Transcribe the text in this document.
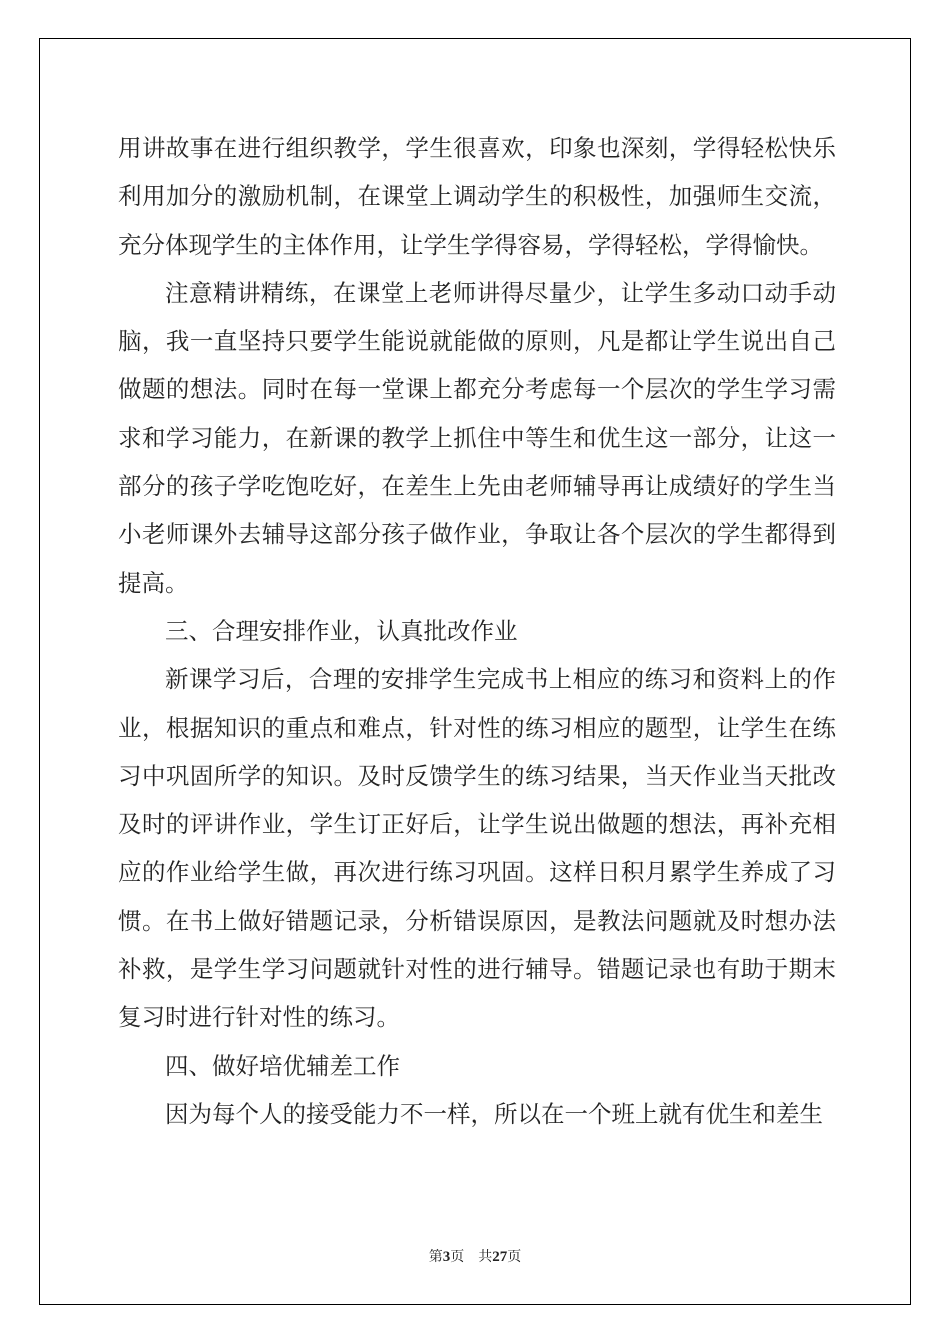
用讲故事在进行组织教学，学生很喜欢，印象也深刻，学得轻松快乐利用加分的激励机制，在课堂上调动学生的积极性，加强师生交流，充分体现学生的主体作用，让学生学得容易，学得轻松，学得愉快。

注意精讲精练，在课堂上老师讲得尽量少，让学生多动口动手动脑，我一直坚持只要学生能说就能做的原则，凡是都让学生说出自己做题的想法。同时在每一堂课上都充分考虑每一个层次的学生学习需求和学习能力，在新课的教学上抓住中等生和优生这一部分，让这一部分的孩子学吃饱吃好，在差生上先由老师辅导再让成绩好的学生当小老师课外去辅导这部分孩子做作业，争取让各个层次的学生都得到提高。

三、合理安排作业，认真批改作业

新课学习后，合理的安排学生完成书上相应的练习和资料上的作业，根据知识的重点和难点，针对性的练习相应的题型，让学生在练习中巩固所学的知识。及时反馈学生的练习结果，当天作业当天批改及时的评讲作业，学生订正好后，让学生说出做题的想法，再补充相应的作业给学生做，再次进行练习巩固。这样日积月累学生养成了习惯。在书上做好错题记录，分析错误原因，是教法问题就及时想办法补救，是学生学习问题就针对性的进行辅导。错题记录也有助于期末复习时进行针对性的练习。

四、做好培优辅差工作

因为每个人的接受能力不一样，所以在一个班上就有优生和差生

第3页　共27页
